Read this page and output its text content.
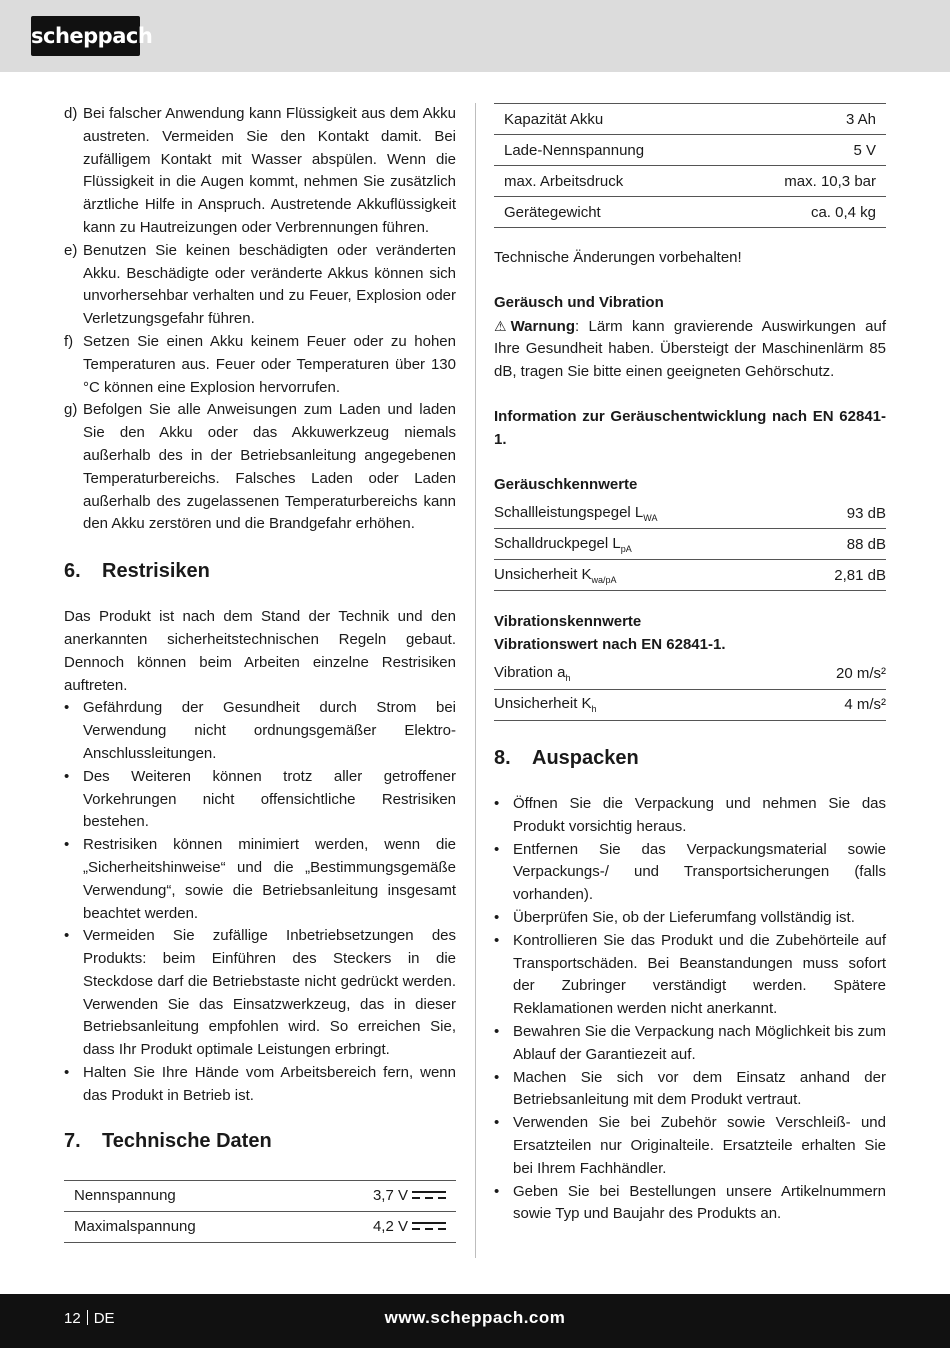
scheppach
d) Bei falscher Anwendung kann Flüssigkeit aus dem Akku austreten. Vermeiden Sie den Kontakt damit. Bei zufälligem Kontakt mit Wasser abspülen. Wenn die Flüssigkeit in die Augen kommt, nehmen Sie zusätzlich ärztliche Hilfe in Anspruch. Austretende Akkuflüssigkeit kann zu Hautreizungen oder Verbrennungen führen.
e) Benutzen Sie keinen beschädigten oder veränderten Akku. Beschädigte oder veränderte Akkus können sich unvorhersehbar verhalten und zu Feuer, Explosion oder Verletzungsgefahr führen.
f) Setzen Sie einen Akku keinem Feuer oder zu hohen Temperaturen aus. Feuer oder Temperaturen über 130 °C können eine Explosion hervorrufen.
g) Befolgen Sie alle Anweisungen zum Laden und laden Sie den Akku oder das Akkuwerkzeug niemals außerhalb des in der Betriebsanleitung angegebenen Temperaturbereichs. Falsches Laden oder Laden außerhalb des zugelassenen Temperaturbereichs kann den Akku zerstören und die Brandgefahr erhöhen.
6. Restrisiken
Das Produkt ist nach dem Stand der Technik und den anerkannten sicherheitstechnischen Regeln gebaut. Dennoch können beim Arbeiten einzelne Restrisiken auftreten.
• Gefährdung der Gesundheit durch Strom bei Verwendung nicht ordnungsgemäßer Elektro-Anschlussleitungen.
• Des Weiteren können trotz aller getroffener Vorkehrungen nicht offensichtliche Restrisiken bestehen.
• Restrisiken können minimiert werden, wenn die „Sicherheitshinweise“ und die „Bestimmungsgemäße Verwendung“, sowie die Betriebsanleitung insgesamt beachtet werden.
• Vermeiden Sie zufällige Inbetriebsetzungen des Produkts: beim Einführen des Steckers in die Steckdose darf die Betriebstaste nicht gedrückt werden. Verwenden Sie das Einsatzwerkzeug, das in dieser Betriebsanleitung empfohlen wird. So erreichen Sie, dass Ihr Produkt optimale Leistungen erbringt.
• Halten Sie Ihre Hände vom Arbeitsbereich fern, wenn das Produkt in Betrieb ist.
7. Technische Daten
Nennspannung	3,7 V
Maximalspannung	4,2 V
Kapazität Akku	3 Ah
Lade-Nennspannung	5 V
max. Arbeitsdruck	max. 10,3 bar
Gerätegewicht	ca. 0,4 kg
Technische Änderungen vorbehalten!
Geräusch und Vibration
⚠ Warnung: Lärm kann gravierende Auswirkungen auf Ihre Gesundheit haben. Übersteigt der Maschinenlärm 85 dB, tragen Sie bitte einen geeigneten Gehörschutz.
Information zur Geräuschentwicklung nach EN 62841-1.
Geräuschkennwerte
Schallleistungspegel $L_{WA}$	93 dB
Schalldruckpegel $L_{pA}$	88 dB
Unsicherheit $K_{wa/pA}$	2,81 dB
Vibrationskennwerte
Vibrationswert nach EN 62841-1.
Vibration $a_h$	20 m/s²
Unsicherheit $K_h$	4 m/s²
8. Auspacken
• Öffnen Sie die Verpackung und nehmen Sie das Produkt vorsichtig heraus.
• Entfernen Sie das Verpackungsmaterial sowie Verpackungs-/ und Transportsicherungen (falls vorhanden).
• Überprüfen Sie, ob der Lieferumfang vollständig ist.
• Kontrollieren Sie das Produkt und die Zubehörteile auf Transportschäden. Bei Beanstandungen muss sofort der Zubringer verständigt werden. Spätere Reklamationen werden nicht anerkannt.
• Bewahren Sie die Verpackung nach Möglichkeit bis zum Ablauf der Garantiezeit auf.
• Machen Sie sich vor dem Einsatz anhand der Betriebsanleitung mit dem Produkt vertraut.
• Verwenden Sie bei Zubehör sowie Verschleiß- und Ersatzteilen nur Originalteile. Ersatzteile erhalten Sie bei Ihrem Fachhändler.
• Geben Sie bei Bestellungen unsere Artikelnummern sowie Typ und Baujahr des Produkts an.
12 DE	www.scheppach.com
